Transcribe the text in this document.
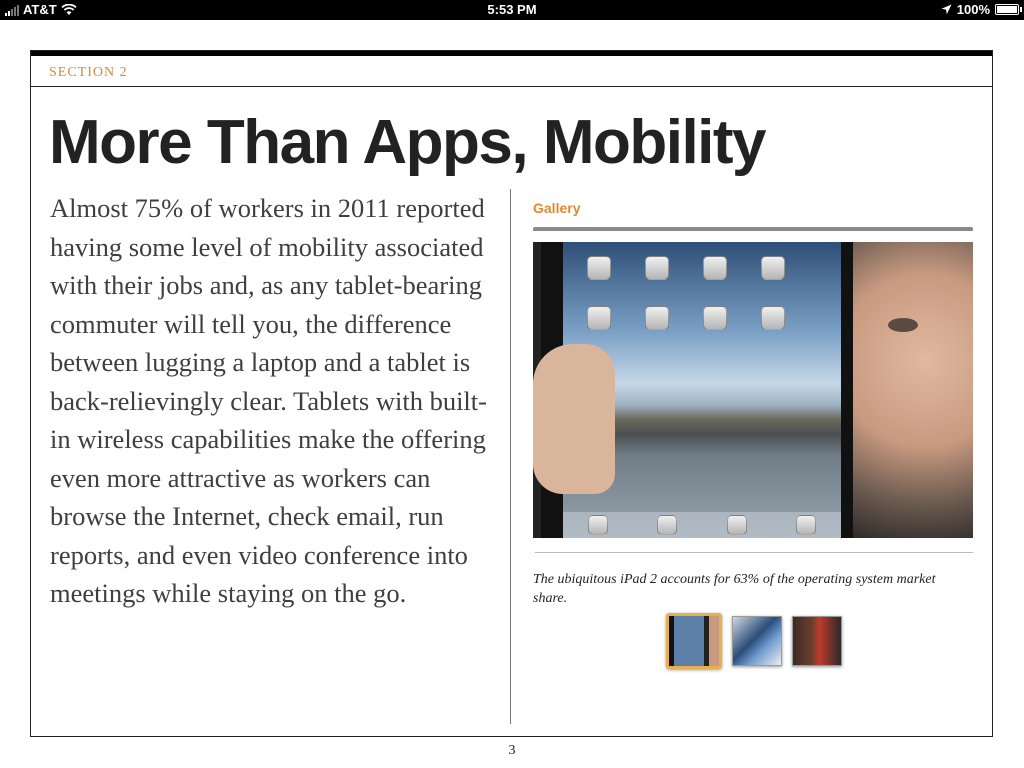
AT&T	5:53 PM	100%
SECTION 2
More Than Apps, Mobility

Almost 75% of workers in 2011 reported having some level of mobility associated with their jobs and, as any tablet-bearing commuter will tell you, the difference between lugging a laptop and a tablet is back-relievingly clear. Tablets with built-in wireless capabilities make the offering even more attractive as workers can browse the Internet, check email, run reports, and even video conference into meetings while staying on the go.

Gallery

The ubiquitous iPad 2 accounts for 63% of the operating system market share.

3
